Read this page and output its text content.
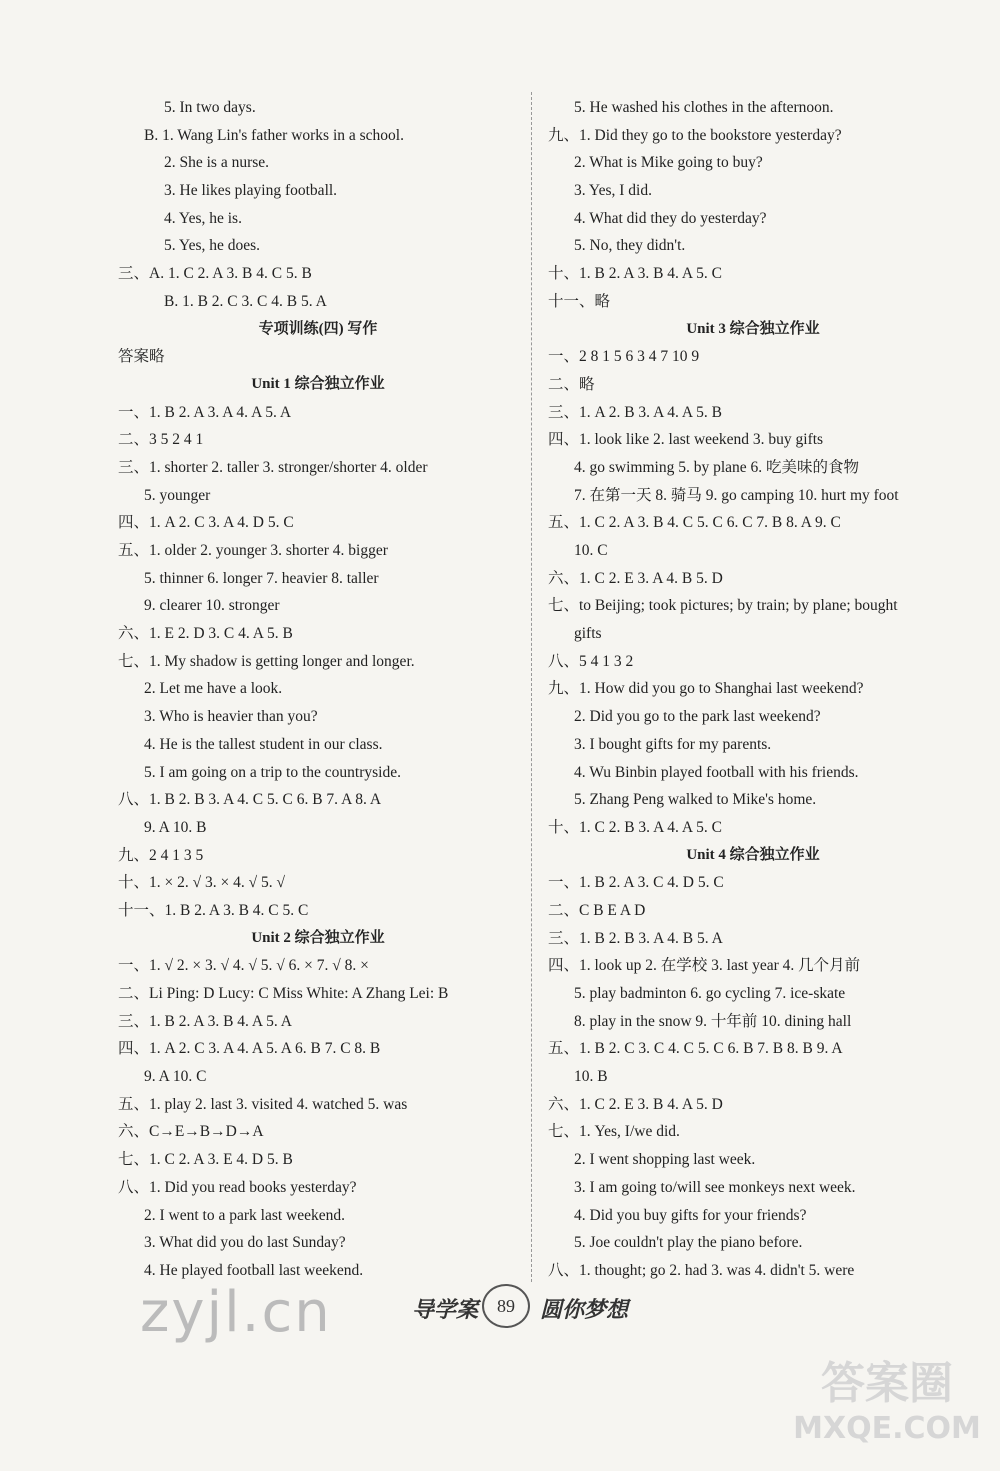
5. In two days.
B. 1. Wang Lin's father works in a school.
2. She is a nurse.
3. He likes playing football.
4. Yes, he is.
5. Yes, he does.
三、A. 1. C 2. A 3. B 4. C 5. B
B. 1. B 2. C 3. C 4. B 5. A
专项训练(四) 写作
答案略
Unit 1 综合独立作业
一、1. B 2. A 3. A 4. A 5. A
二、3 5 2 4 1
三、1. shorter 2. taller 3. stronger/shorter 4. older
5. younger
四、1. A 2. C 3. A 4. D 5. C
五、1. older 2. younger 3. shorter 4. bigger
5. thinner 6. longer 7. heavier 8. taller
9. clearer 10. stronger
六、1. E 2. D 3. C 4. A 5. B
七、1. My shadow is getting longer and longer.
2. Let me have a look.
3. Who is heavier than you?
4. He is the tallest student in our class.
5. I am going on a trip to the countryside.
八、1. B 2. B 3. A 4. C 5. C 6. B 7. A 8. A
9. A 10. B
九、2 4 1 3 5
十、1. × 2. √ 3. × 4. √ 5. √
十一、1. B 2. A 3. B 4. C 5. C
Unit 2 综合独立作业
一、1. √ 2. × 3. √ 4. √ 5. √ 6. × 7. √ 8. ×
二、Li Ping: D Lucy: C Miss White: A Zhang Lei: B
三、1. B 2. A 3. B 4. A 5. A
四、1. A 2. C 3. A 4. A 5. A 6. B 7. C 8. B
9. A 10. C
五、1. play 2. last 3. visited 4. watched 5. was
六、C→E→B→D→A
七、1. C 2. A 3. E 4. D 5. B
八、1. Did you read books yesterday?
2. I went to a park last weekend.
3. What did you do last Sunday?
4. He played football last weekend.
5. He washed his clothes in the afternoon.
九、1. Did they go to the bookstore yesterday?
2. What is Mike going to buy?
3. Yes, I did.
4. What did they do yesterday?
5. No, they didn't.
十、1. B 2. A 3. B 4. A 5. C
十一、略
Unit 3 综合独立作业
一、2 8 1 5 6 3 4 7 10 9
二、略
三、1. A 2. B 3. A 4. A 5. B
四、1. look like 2. last weekend 3. buy gifts
4. go swimming 5. by plane 6. 吃美味的食物
7. 在第一天 8. 骑马 9. go camping 10. hurt my foot
五、1. C 2. A 3. B 4. C 5. C 6. C 7. B 8. A 9. C
10. C
六、1. C 2. E 3. A 4. B 5. D
七、to Beijing; took pictures; by train; by plane; bought
gifts
八、5 4 1 3 2
九、1. How did you go to Shanghai last weekend?
2. Did you go to the park last weekend?
3. I bought gifts for my parents.
4. Wu Binbin played football with his friends.
5. Zhang Peng walked to Mike's home.
十、1. C 2. B 3. A 4. A 5. C
Unit 4 综合独立作业
一、1. B 2. A 3. C 4. D 5. C
二、C B E A D
三、1. B 2. B 3. A 4. B 5. A
四、1. look up 2. 在学校 3. last year 4. 几个月前
5. play badminton 6. go cycling 7. ice-skate
8. play in the snow 9. 十年前 10. dining hall
五、1. B 2. C 3. C 4. C 5. C 6. B 7. B 8. B 9. A
10. B
六、1. C 2. E 3. B 4. A 5. D
七、1. Yes, I/we did.
2. I went shopping last week.
3. I am going to/will see monkeys next week.
4. Did you buy gifts for your friends?
5. Joe couldn't play the piano before.
八、1. thought; go 2. had 3. was 4. didn't 5. were
zyjl.cn	导学案	89	圆你梦想
答案圈
MXQE.COM
